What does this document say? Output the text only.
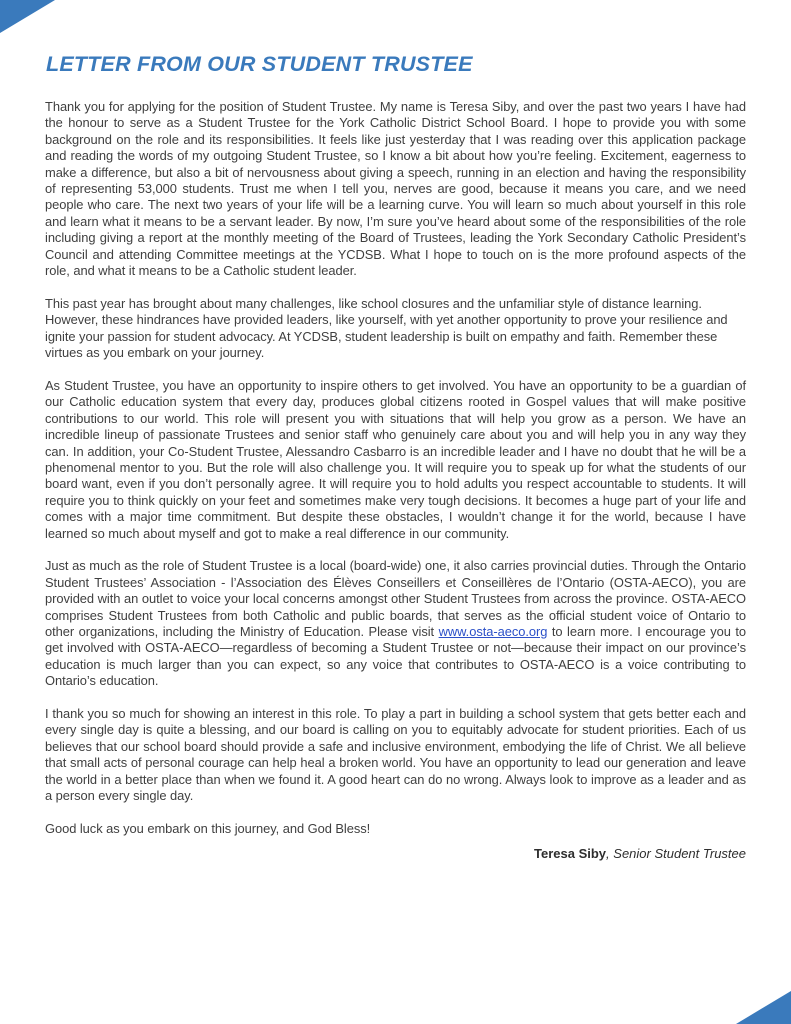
LETTER FROM OUR STUDENT TRUSTEE

Thank you for applying for the position of Student Trustee. My name is Teresa Siby, and over the past two years I have had the honour to serve as a Student Trustee for the York Catholic District School Board. I hope to provide you with some background on the role and its responsibilities. It feels like just yesterday that I was reading over this application package and reading the words of my outgoing Student Trustee, so I know a bit about how you’re feeling. Excitement, eagerness to make a difference, but also a bit of nervousness about giving a speech, running in an election and having the responsibility of representing 53,000 students. Trust me when I tell you, nerves are good, because it means you care, and we need people who care. The next two years of your life will be a learning curve. You will learn so much about yourself in this role and learn what it means to be a servant leader. By now, I’m sure you’ve heard about some of the responsibilities of the role including giving a report at the monthly meeting of the Board of Trustees, leading the York Secondary Catholic President’s Council and attending Committee meetings at the YCDSB. What I hope to touch on is the more profound aspects of the role, and what it means to be a Catholic student leader.

This past year has brought about many challenges, like school closures and the unfamiliar style of distance learning. However, these hindrances have provided leaders, like yourself, with yet another opportunity to prove your resilience and ignite your passion for student advocacy. At YCDSB, student leadership is built on empathy and faith. Remember these virtues as you embark on your journey.

As Student Trustee, you have an opportunity to inspire others to get involved. You have an opportunity to be a guardian of our Catholic education system that every day, produces global citizens rooted in Gospel values that will make positive contributions to our world. This role will present you with situations that will help you grow as a person. We have an incredible lineup of passionate Trustees and senior staff who genuinely care about you and will help you in any way they can. In addition, your Co-Student Trustee, Alessandro Casbarro is an incredible leader and I have no doubt that he will be a phenomenal mentor to you. But the role will also challenge you. It will require you to speak up for what the students of our board want, even if you don’t personally agree. It will require you to hold adults you respect accountable to students. It will require you to think quickly on your feet and sometimes make very tough decisions. It becomes a huge part of your life and comes with a major time commitment. But despite these obstacles, I wouldn’t change it for the world, because I have learned so much about myself and got to make a real difference in our community.

Just as much as the role of Student Trustee is a local (board-wide) one, it also carries provincial duties. Through the Ontario Student Trustees’ Association - l’Association des Élèves Conseillers et Conseillères de l’Ontario (OSTA-AECO), you are provided with an outlet to voice your local concerns amongst other Student Trustees from across the province. OSTA-AECO comprises Student Trustees from both Catholic and public boards, that serves as the official student voice of Ontario to other organizations, including the Ministry of Education. Please visit www.osta-aeco.org to learn more. I encourage you to get involved with OSTA-AECO—regardless of becoming a Student Trustee or not—because their impact on our province’s education is much larger than you can expect, so any voice that contributes to OSTA-AECO is a voice contributing to Ontario’s education.

I thank you so much for showing an interest in this role. To play a part in building a school system that gets better each and every single day is quite a blessing, and our board is calling on you to equitably advocate for student priorities. Each of us believes that our school board should provide a safe and inclusive environment, embodying the life of Christ. We all believe that small acts of personal courage can help heal a broken world. You have an opportunity to lead our generation and leave the world in a better place than when we found it. A good heart can do no wrong. Always look to improve as a leader and as a person every single day.

Good luck as you embark on this journey, and God Bless!

Teresa Siby, Senior Student Trustee
